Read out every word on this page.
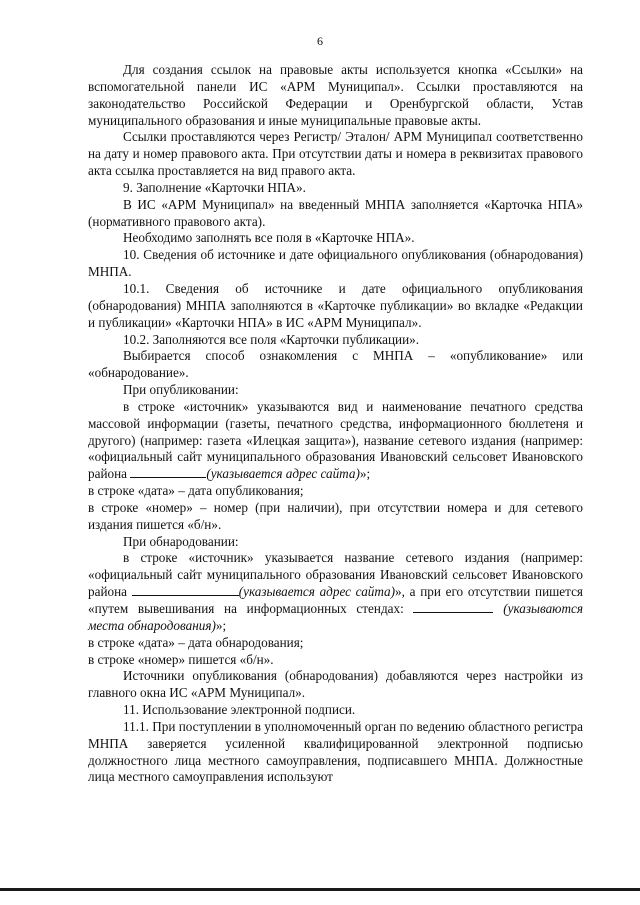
6

Для создания ссылок на правовые акты используется кнопка «Ссылки» на вспомогательной панели ИС «АРМ Муниципал». Ссылки проставляются на законодательство Российской Федерации и Оренбургской области, Устав муниципального образования и иные муниципальные правовые акты.

Ссылки проставляются через Регистр/ Эталон/ АРМ Муниципал соответственно на дату и номер правового акта. При отсутствии даты и номера в реквизитах правового акта ссылка проставляется на вид правого акта.

9. Заполнение «Карточки НПА».

В ИС «АРМ Муниципал» на введенный МНПА заполняется «Карточка НПА» (нормативного правового акта).

Необходимо заполнять все поля в «Карточке НПА».

10. Сведения об источнике и дате официального опубликования (обнародования) МНПА.

10.1. Сведения об источнике и дате официального опубликования (обнародования) МНПА заполняются в «Карточке публикации» во вкладке «Редакции и публикации» «Карточки НПА» в ИС «АРМ Муниципал».

10.2. Заполняются все поля «Карточки публикации».

Выбирается способ ознакомления с МНПА – «опубликование» или «обнародование».

При опубликовании:

в строке «источник» указываются вид и наименование печатного средства массовой информации (газеты, печатного средства, информационного бюллетеня и другого) (например: газета «Илецкая защита»), название сетевого издания (например: «официальный сайт муниципального образования Ивановский сельсовет Ивановского района	(указывается адрес сайта)»;

в строке «дата» – дата опубликования;

в строке «номер» – номер (при наличии), при отсутствии номера и для сетевого издания пишется «б/н».

При обнародовании:

в строке «источник» указывается название сетевого издания (например: «официальный сайт муниципального образования Ивановский сельсовет Ивановского района	(указывается адрес сайта)», а при его отсутствии пишется «путем вывешивания на информационных стендах:	(указываются места обнародования)»;

в строке «дата» – дата обнародования;

в строке «номер» пишется «б/н».

Источники опубликования (обнародования) добавляются через настройки из главного окна ИС «АРМ Муниципал».

11. Использование электронной подписи.

11.1. При поступлении в уполномоченный орган по ведению областного регистра МНПА заверяется усиленной квалифицированной электронной подписью должностного лица местного самоуправления, подписавшего МНПА. Должностные лица местного самоуправления используют
